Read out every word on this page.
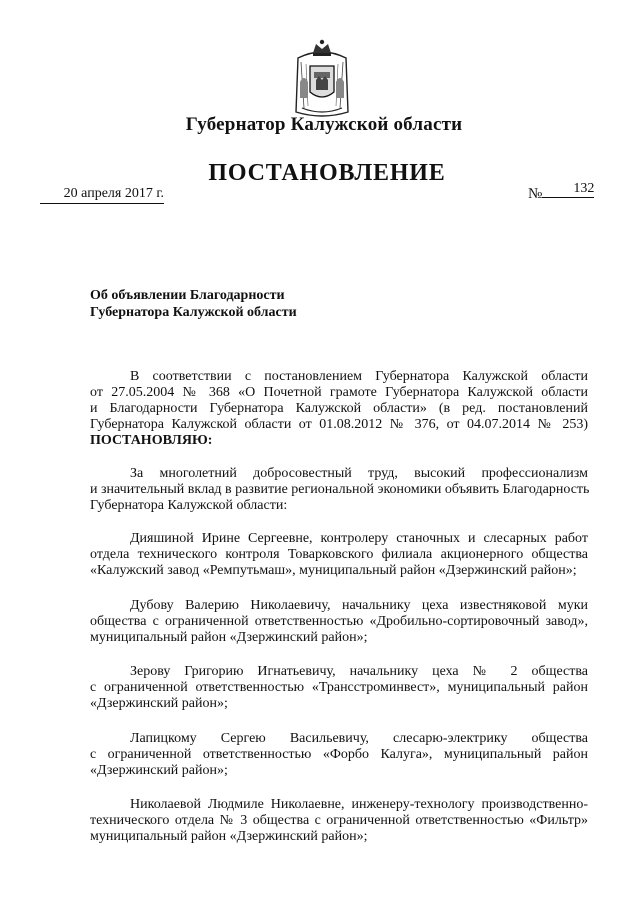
Губернатор Калужской области
ПОСТАНОВЛЕНИЕ
20 апреля 2017 г.	№ 132
Об объявлении Благодарности
Губернатора Калужской области
В соответствии с постановлением Губернатора Калужской области
от 27.05.2004 № 368 «О Почетной грамоте Губернатора Калужской области
и Благодарности Губернатора Калужской области» (в ред. постановлений
Губернатора Калужской области от 01.08.2012 № 376, от 04.07.2014 № 253)
ПОСТАНОВЛЯЮ:
За многолетний добросовестный труд, высокий профессионализм
и значительный вклад в развитие региональной экономики объявить Благодарность
Губернатора Калужской области:
Дияшиной Ирине Сергеевне, контролеру станочных и слесарных работ
отдела технического контроля Товарковского филиала акционерного общества
«Калужский завод «Ремпутьмаш», муниципальный район «Дзержинский район»;
Дубову Валерию Николаевичу, начальнику цеха известняковой муки
общества с ограниченной ответственностью «Дробильно-сортировочный завод»,
муниципальный район «Дзержинский район»;
Зерову Григорию Игнатьевичу, начальнику цеха № 2 общества
с ограниченной ответственностью «Трансстроминвест», муниципальный район
«Дзержинский район»;
Лапицкому Сергею Васильевичу, слесарю-электрику общества
с ограниченной ответственностью «Форбо Калуга», муниципальный район
«Дзержинский район»;
Николаевой Людмиле Николаевне, инженеру-технологу производственно-
технического отдела № 3 общества с ограниченной ответственностью «Фильтр»
муниципальный район «Дзержинский район»;
